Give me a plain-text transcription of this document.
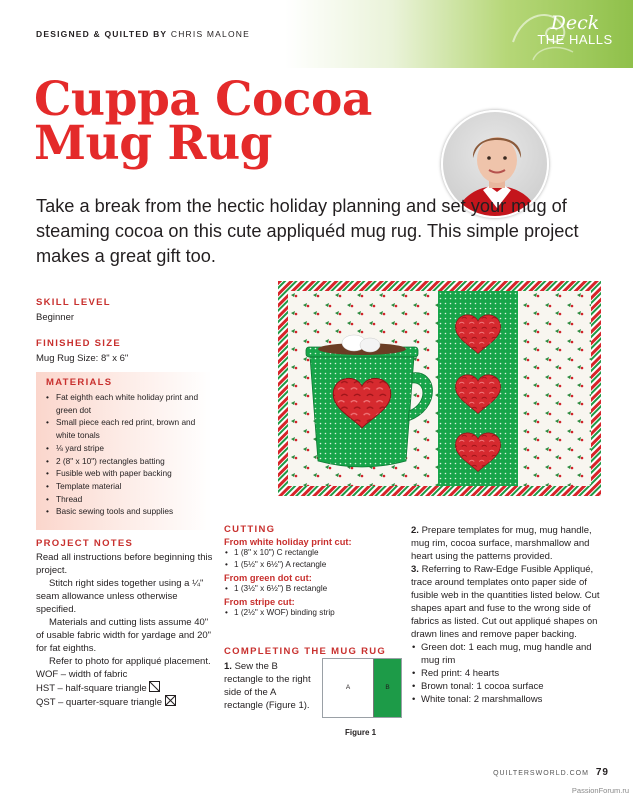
DESIGNED & QUILTED BY CHRIS MALONE	Deck
THE HALLS
Cuppa Cocoa
Mug Rug
Take a break from the hectic holiday planning and set your mug of steaming cocoa on this cute appliquéd mug rug. This simple project makes a great gift too.
SKILL LEVEL
Beginner
FINISHED SIZE
Mug Rug Size: 8" x 6"
MATERIALS
• Fat eighth each white holiday print and green dot
• Small piece each red print, brown and white tonals
• ⅛ yard stripe
• 2 (8" x 10") rectangles batting
• Fusible web with paper backing
• Template material
• Thread
• Basic sewing tools and supplies
PROJECT NOTES

Read all instructions before beginning this project.

Stitch right sides together using a ¼" seam allowance unless otherwise specified.

Materials and cutting lists assume 40" of usable fabric width for yardage and 20" for fat eighths.

Refer to photo for appliqué placement.

WOF – width of fabric

HST – half-square triangle

QST – quarter-square triangle

CUTTING
From white holiday print cut:
• 1 (8" x 10") C rectangle
• 1 (5½" x 6½") A rectangle
From green dot cut:
• 1 (3½" x 6½") B rectangle
From stripe cut:
• 1 (2½" x WOF) binding strip
COMPLETING THE MUG RUG

1. Sew the B rectangle to the right side of the A rectangle (Figure 1).

A	B
Figure 1

2. Prepare templates for mug, mug handle, mug rim, cocoa surface, marshmallow and heart using the patterns provided.

3. Referring to Raw-Edge Fusible Appliqué, trace around templates onto paper side of fusible web in the quantities listed below. Cut shapes apart and fuse to the wrong side of fabrics as listed. Cut out appliqué shapes on drawn lines and remove paper backing.

• Green dot: 1 each mug, mug handle and mug rim
• Red print: 4 hearts
• Brown tonal: 1 cocoa surface
• White tonal: 2 marshmallows
QUILTERSWORLD.COM 79
PassionForum.ru
